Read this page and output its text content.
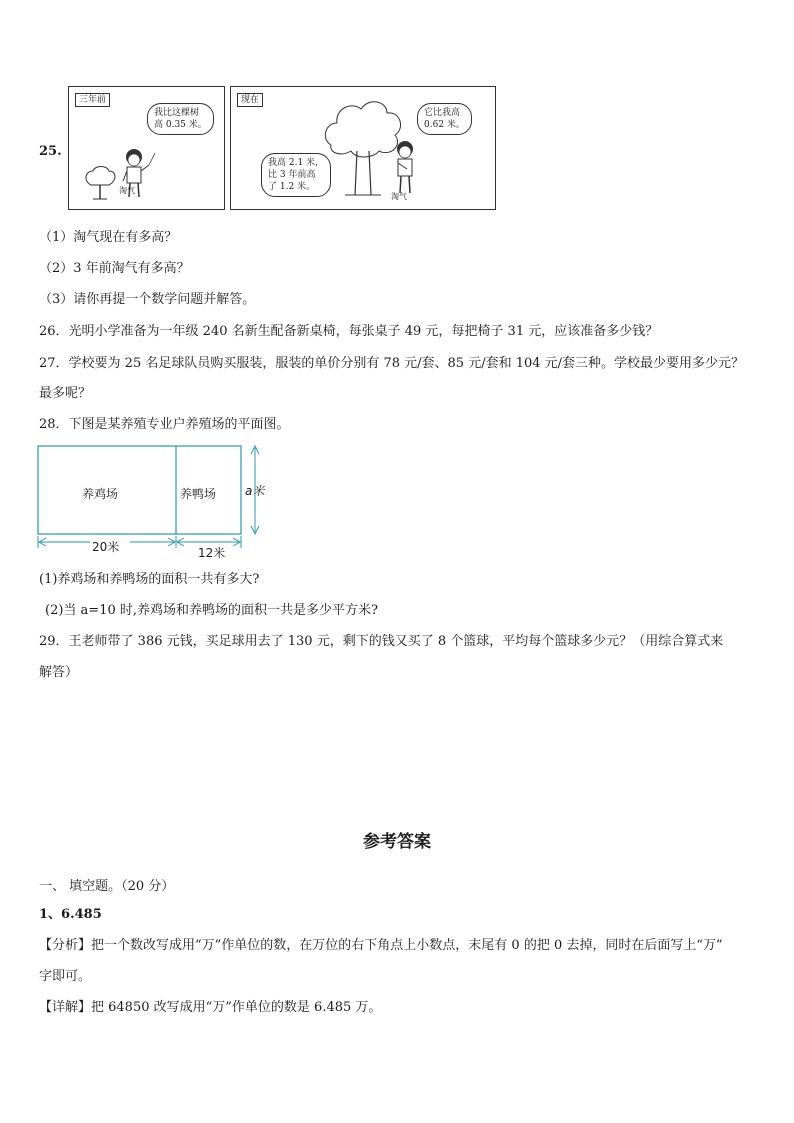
25.
三年前
我比这棵树
高 0.35 米。
淘气
现在
它比我高
0.62 米。
我高 2.1 米，
比 3 年前高
了 1.2 米。
淘气
（1）淘气现在有多高？
（2）3 年前淘气有多高？
（3）请你再提一个数学问题并解答。
26．光明小学准备为一年级 240 名新生配备新桌椅，每张桌子 49 元，每把椅子 31 元，应该准备多少钱？
27．学校要为 25 名足球队员购买服装，服装的单价分别有 78 元/套、85 元/套和 104 元/套三种。学校最少要用多少元？
最多呢？
28．下图是某养殖专业户养殖场的平面图。
养鸡场	养鸭场 a米
20米	12米
(1)养鸡场和养鸭场的面积一共有多大?
(2)当 a=10 时,养鸡场和养鸭场的面积一共是多少平方米?
29．王老师带了 386 元钱，买足球用去了 130 元，剩下的钱又买了 8 个篮球，平均每个篮球多少元？（用综合算式来
解答）
参考答案
一、 填空题。（20 分）
1、6.485
【分析】把一个数改写成用“万”作单位的数，在万位的右下角点上小数点，末尾有 0 的把 0 去掉，同时在后面写上“万”
字即可。
【详解】把 64850 改写成用“万”作单位的数是 6.485 万。
